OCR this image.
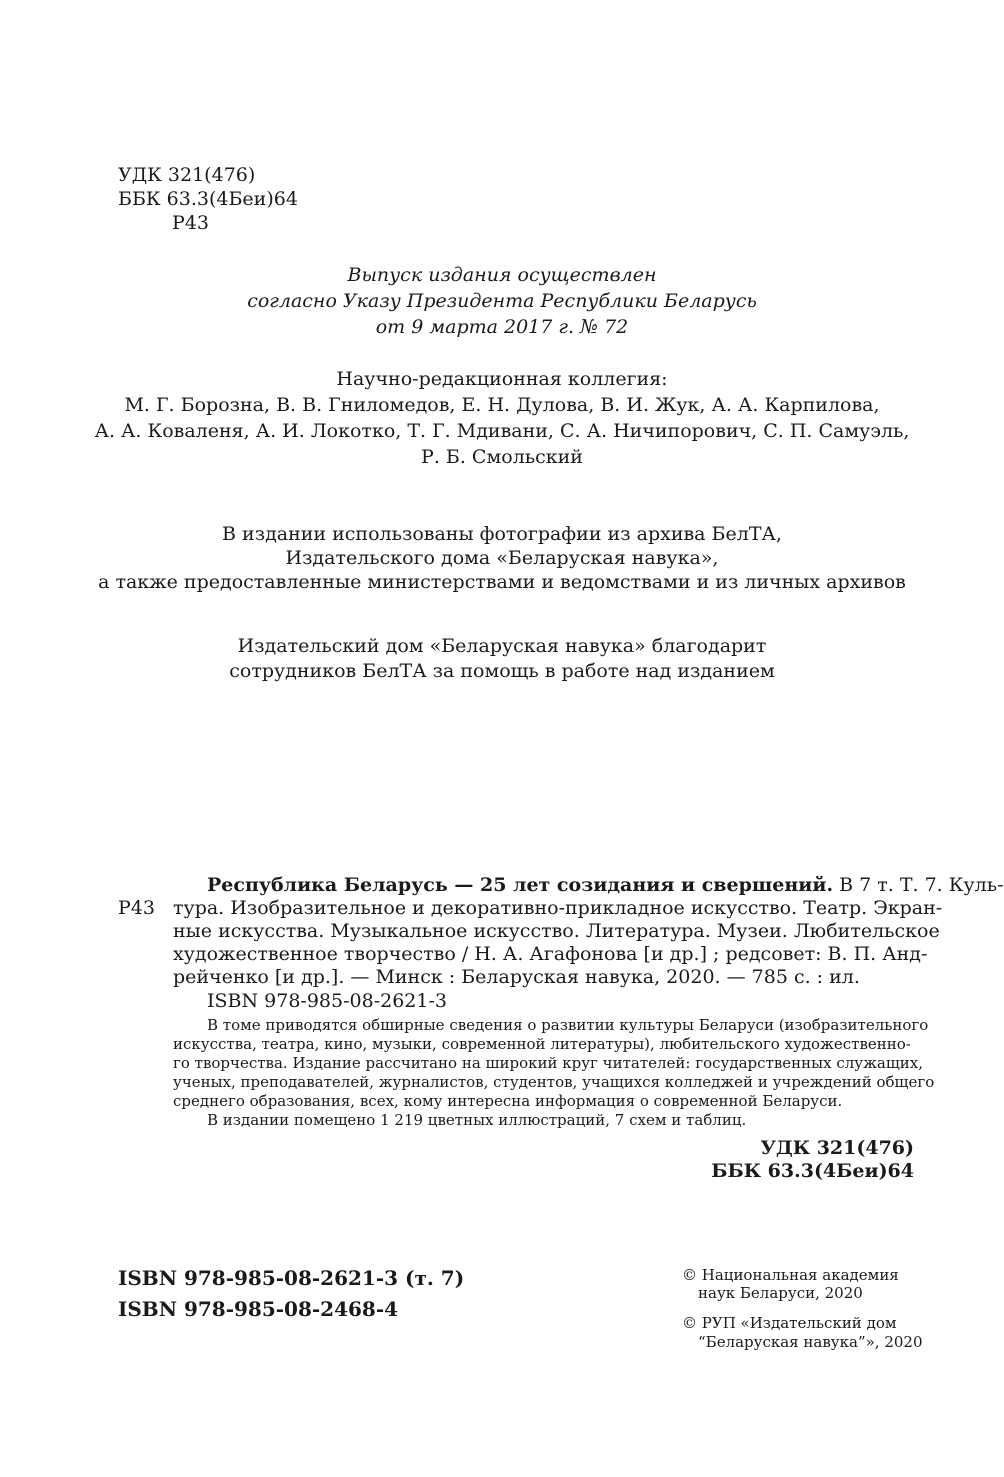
УДК 321(476)
ББК 63.3(4Беи)64
Р43
Выпуск издания осуществлен
согласно Указу Президента Республики Беларусь
от 9 марта 2017 г. № 72
Научно-редакционная коллегия:
М. Г. Борозна, В. В. Гниломедов, Е. Н. Дулова, В. И. Жук, А. А. Карпилова,
А. А. Коваленя, А. И. Локотко, Т. Г. Мдивани, С. А. Ничипорович, С. П. Самуэль,
Р. Б. Смольский
В издании использованы фотографии из архива БелТА,
Издательского дома «Беларуская навука»,
а также предоставленные министерствами и ведомствами и из личных архивов
Издательский дом «Беларуская навука» благодарит
сотрудников БелТА за помощь в работе над изданием
Р43
Республика Беларусь — 25 лет созидания и свершений. В 7 т. Т. 7. Куль-
тура. Изобразительное и декоративно-прикладное искусство. Театр. Экран-
ные искусства. Музыкальное искусство. Литература. Музеи. Любительское
художественное творчество / Н. А. Агафонова [и др.] ; редсовет: В. П. Анд-
рейченко [и др.]. — Минск : Беларуская навука, 2020. — 785 с. : ил.
ISBN 978-985-08-2621-3
В томе приводятся обширные сведения о развитии культуры Беларуси (изобразительного
искусства, театра, кино, музыки, современной литературы), любительского художественно-
го творчества. Издание рассчитано на широкий круг читателей: государственных служащих,
ученых, преподавателей, журналистов, студентов, учащихся колледжей и учреждений общего
среднего образования, всех, кому интересна информация о современной Беларуси.
В издании помещено 1 219 цветных иллюстраций, 7 схем и таблиц.
УДК 321(476)
ББК 63.3(4Беи)64
ISBN 978-985-08-2621-3 (т. 7)
ISBN 978-985-08-2468-4
© Национальная академия
наук Беларуси, 2020
© РУП «Издательский дом
“Беларуская навука”», 2020
